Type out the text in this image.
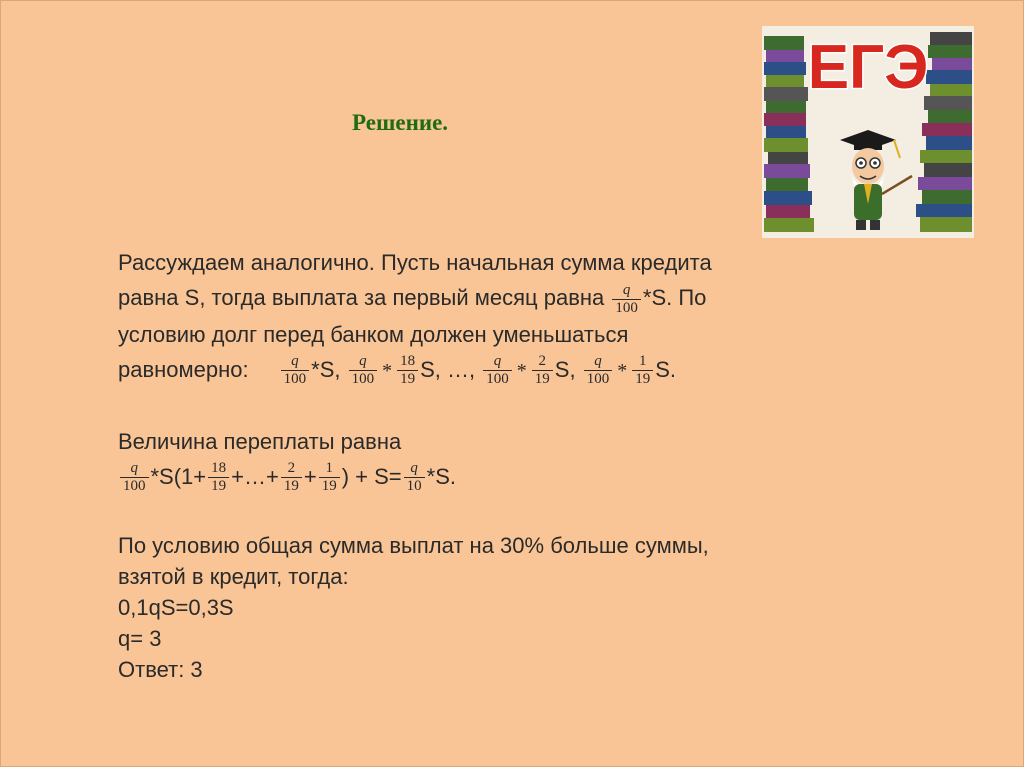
Решение.
ЕГЭ

Рассуждаем аналогично. Пусть начальная сумма кредита

равна S, тогда выплата за первый месяц равна $\frac{q}{100} *S$. По

условию долг перед банком должен уменьшаться

равномерно: $\frac{q}{100} *S$, $\frac{q}{100} * \frac{18}{19} S$, …, $\frac{q}{100} * \frac{2}{19} S$, $\frac{q}{100} * \frac{1}{19} S$.

Величина переплаты равна

$\frac{q}{100} *S(1+ \frac{18}{19}$ +…+ $\frac{2}{19} + \frac{1}{19}$ ) + $S= \frac{q}{10} *S$.

По условию общая сумма выплат на 30% больше суммы,

взятой в кредит, тогда:

0,1qS=0,3S

q= 3

Ответ: 3
